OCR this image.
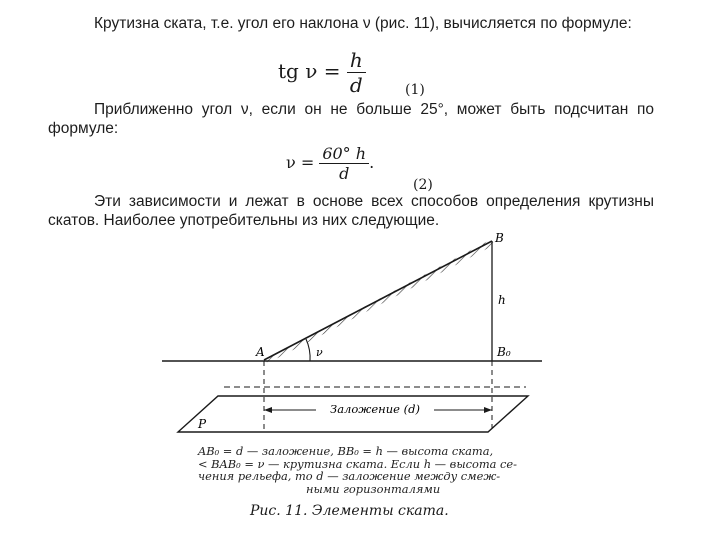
Крутизна ската, т.е. угол его наклона ν (рис. 11), вычисляется по формуле:
tg $\nu = \frac{h}{d}$	(1)
Приближенно угол ν, если он не больше 25°, может быть подсчитан по формуле:
$\nu = \frac{60^\circ h}{d}$ .
(2)
Эти зависимости и лежат в основе всех способов определения крутизны скатов. Наиболее употребительны из них следующие.
A
B
B₀
h
ν
P
Заложение (d)
AB₀ = d — заложение, BB₀ = h — высота ската,
< BAB₀ = ν — крутизна ската. Если h — высота се-
чения рельефа, то d — заложение между смеж-
ными горизонталями
Рис. 11. Элементы ската.
